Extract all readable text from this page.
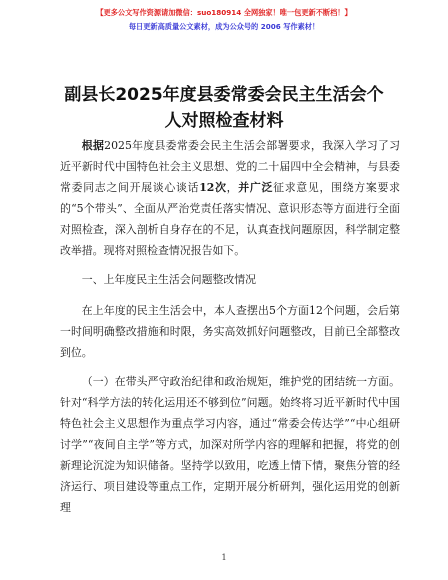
【更多公文写作资源请加微信：suo180914 全网独家！唯一包更新不断档！】
每日更新高质量公文素材，成为公众号的 2006 写作素材！
副县长2025年度县委常委会民主生活会个人对照检查材料

根据2025年度县委常委会民主生活会部署要求，我深入学习了习近平新时代中国特色社会主义思想、党的二十届四中全会精神，与县委常委同志之间开展谈心谈话12次，并广泛征求意见，围绕方案要求的“5个带头”、全面从严治党责任落实情况、意识形态等方面进行全面对照检查，深入剖析自身存在的不足，认真查找问题原因，科学制定整改举措。现将对照检查情况报告如下。

一、上年度民主生活会问题整改情况

在上年度的民主生活会中，本人查摆出5个方面12个问题，会后第一时间明确整改措施和时限，务实高效抓好问题整改，目前已全部整改到位。

（一）在带头严守政治纪律和政治规矩，维护党的团结统一方面。针对“科学方法的转化运用还不够到位”问题。始终将习近平新时代中国特色社会主义思想作为重点学习内容，通过“常委会传达学”“中心组研讨学”“夜间自主学”等方式，加深对所学内容的理解和把握，将党的创新理论沉淀为知识储备。坚持学以致用，吃透上情下情，聚焦分管的经济运行、项目建设等重点工作，定期开展分析研判，强化运用党的创新理

1
